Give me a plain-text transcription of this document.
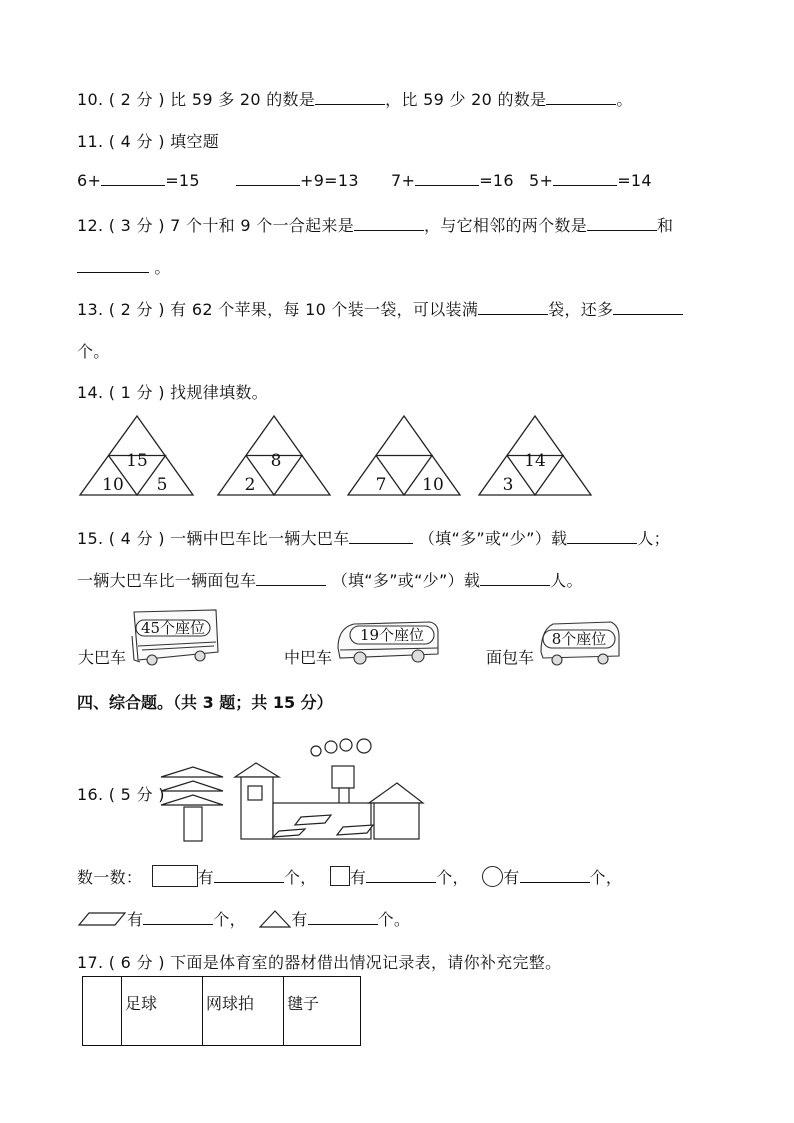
10. ( 2 分 ) 比 59 多 20 的数是	，比 59 少 20 的数是	。
11. ( 4 分 ) 填空题
6+	=15	+9=13 7+	=16 5+	=14
12. ( 3 分 ) 7 个十和 9 个一合起来是	，与它相邻的两个数是	和
。
13. ( 2 分 ) 有 62 个苹果，每 10 个装一袋，可以装满	袋，还多
个。
14. ( 1 分 ) 找规律填数。
15
10 5
8
2	7 10
14
3
15. ( 4 分 ) 一辆中巴车比一辆大巴车	（填“多”或“少”）载	人；
一辆大巴车比一辆面包车	（填“多”或“少”）载	人。
大巴车
45个座位
中巴车
19个座位
面包车
8个座位
四、综合题。（共 3 题；共 15 分）
16. ( 5 分 )
数一数：	有	个， 有	个， 有	个，
有	个，	有	个。
17. ( 6 分 ) 下面是体育室的器材借出情况记录表，请你补充完整。
	足球	网球拍	毽子
